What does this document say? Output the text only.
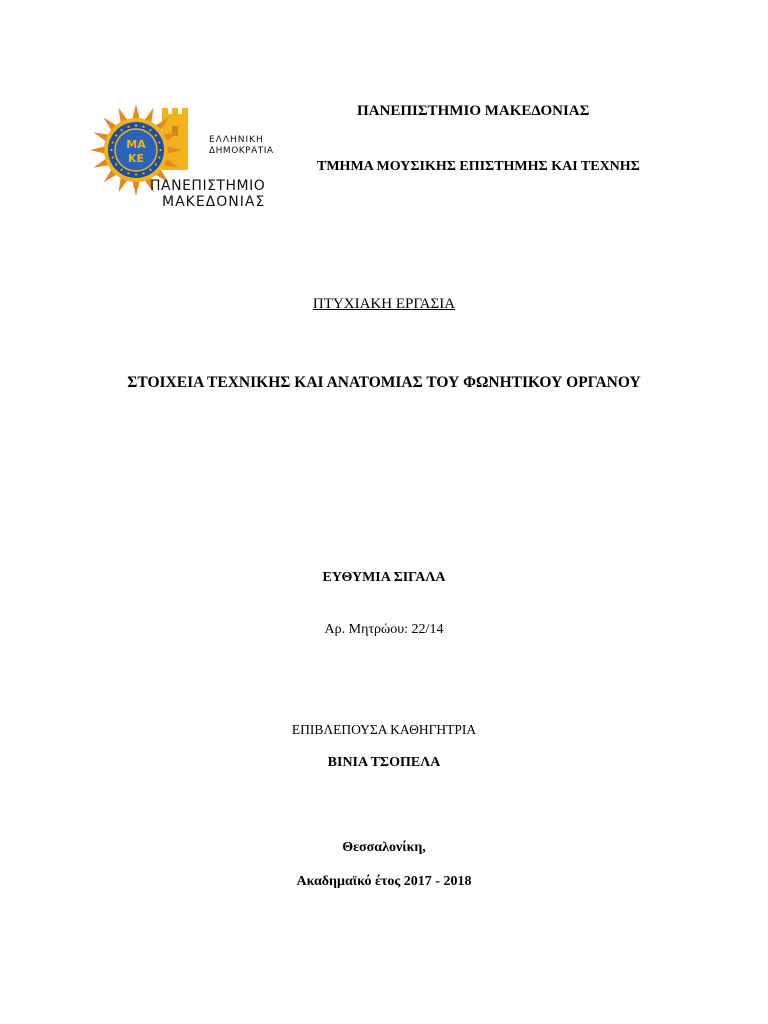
ΜΑ
ΚΕ
ΕΛΛΗΝΙΚΗ
ΔΗΜΟΚΡΑΤΙΑ
ΠΑΝΕΠΙΣΤΗΜΙΟ
ΜΑΚΕΔΟΝΙΑΣ
ΠΑΝΕΠΙΣΤΗΜΙΟ ΜΑΚΕΔΟΝΙΑΣ
ΤΜΗΜΑ ΜΟΥΣΙΚΗΣ ΕΠΙΣΤΗΜΗΣ ΚΑΙ ΤΕΧΝΗΣ
ΠΤΥΧΙΑΚΗ ΕΡΓΑΣΙΑ
ΣΤΟΙΧΕΙΑ ΤΕΧΝΙΚΗΣ ΚΑΙ ΑΝΑΤΟΜΙΑΣ ΤΟΥ ΦΩΝΗΤΙΚΟΥ ΟΡΓΑΝΟΥ
ΕΥΘΥΜΙΑ ΣΙΓΑΛΑ
Αρ. Μητρώου: 22/14
ΕΠΙΒΛΕΠΟΥΣΑ ΚΑΘΗΓΗΤΡΙΑ
ΒΙΝΙΑ ΤΣΟΠΕΛΑ
Θεσσαλονίκη,
Ακαδημαϊκό έτος 2017 - 2018
